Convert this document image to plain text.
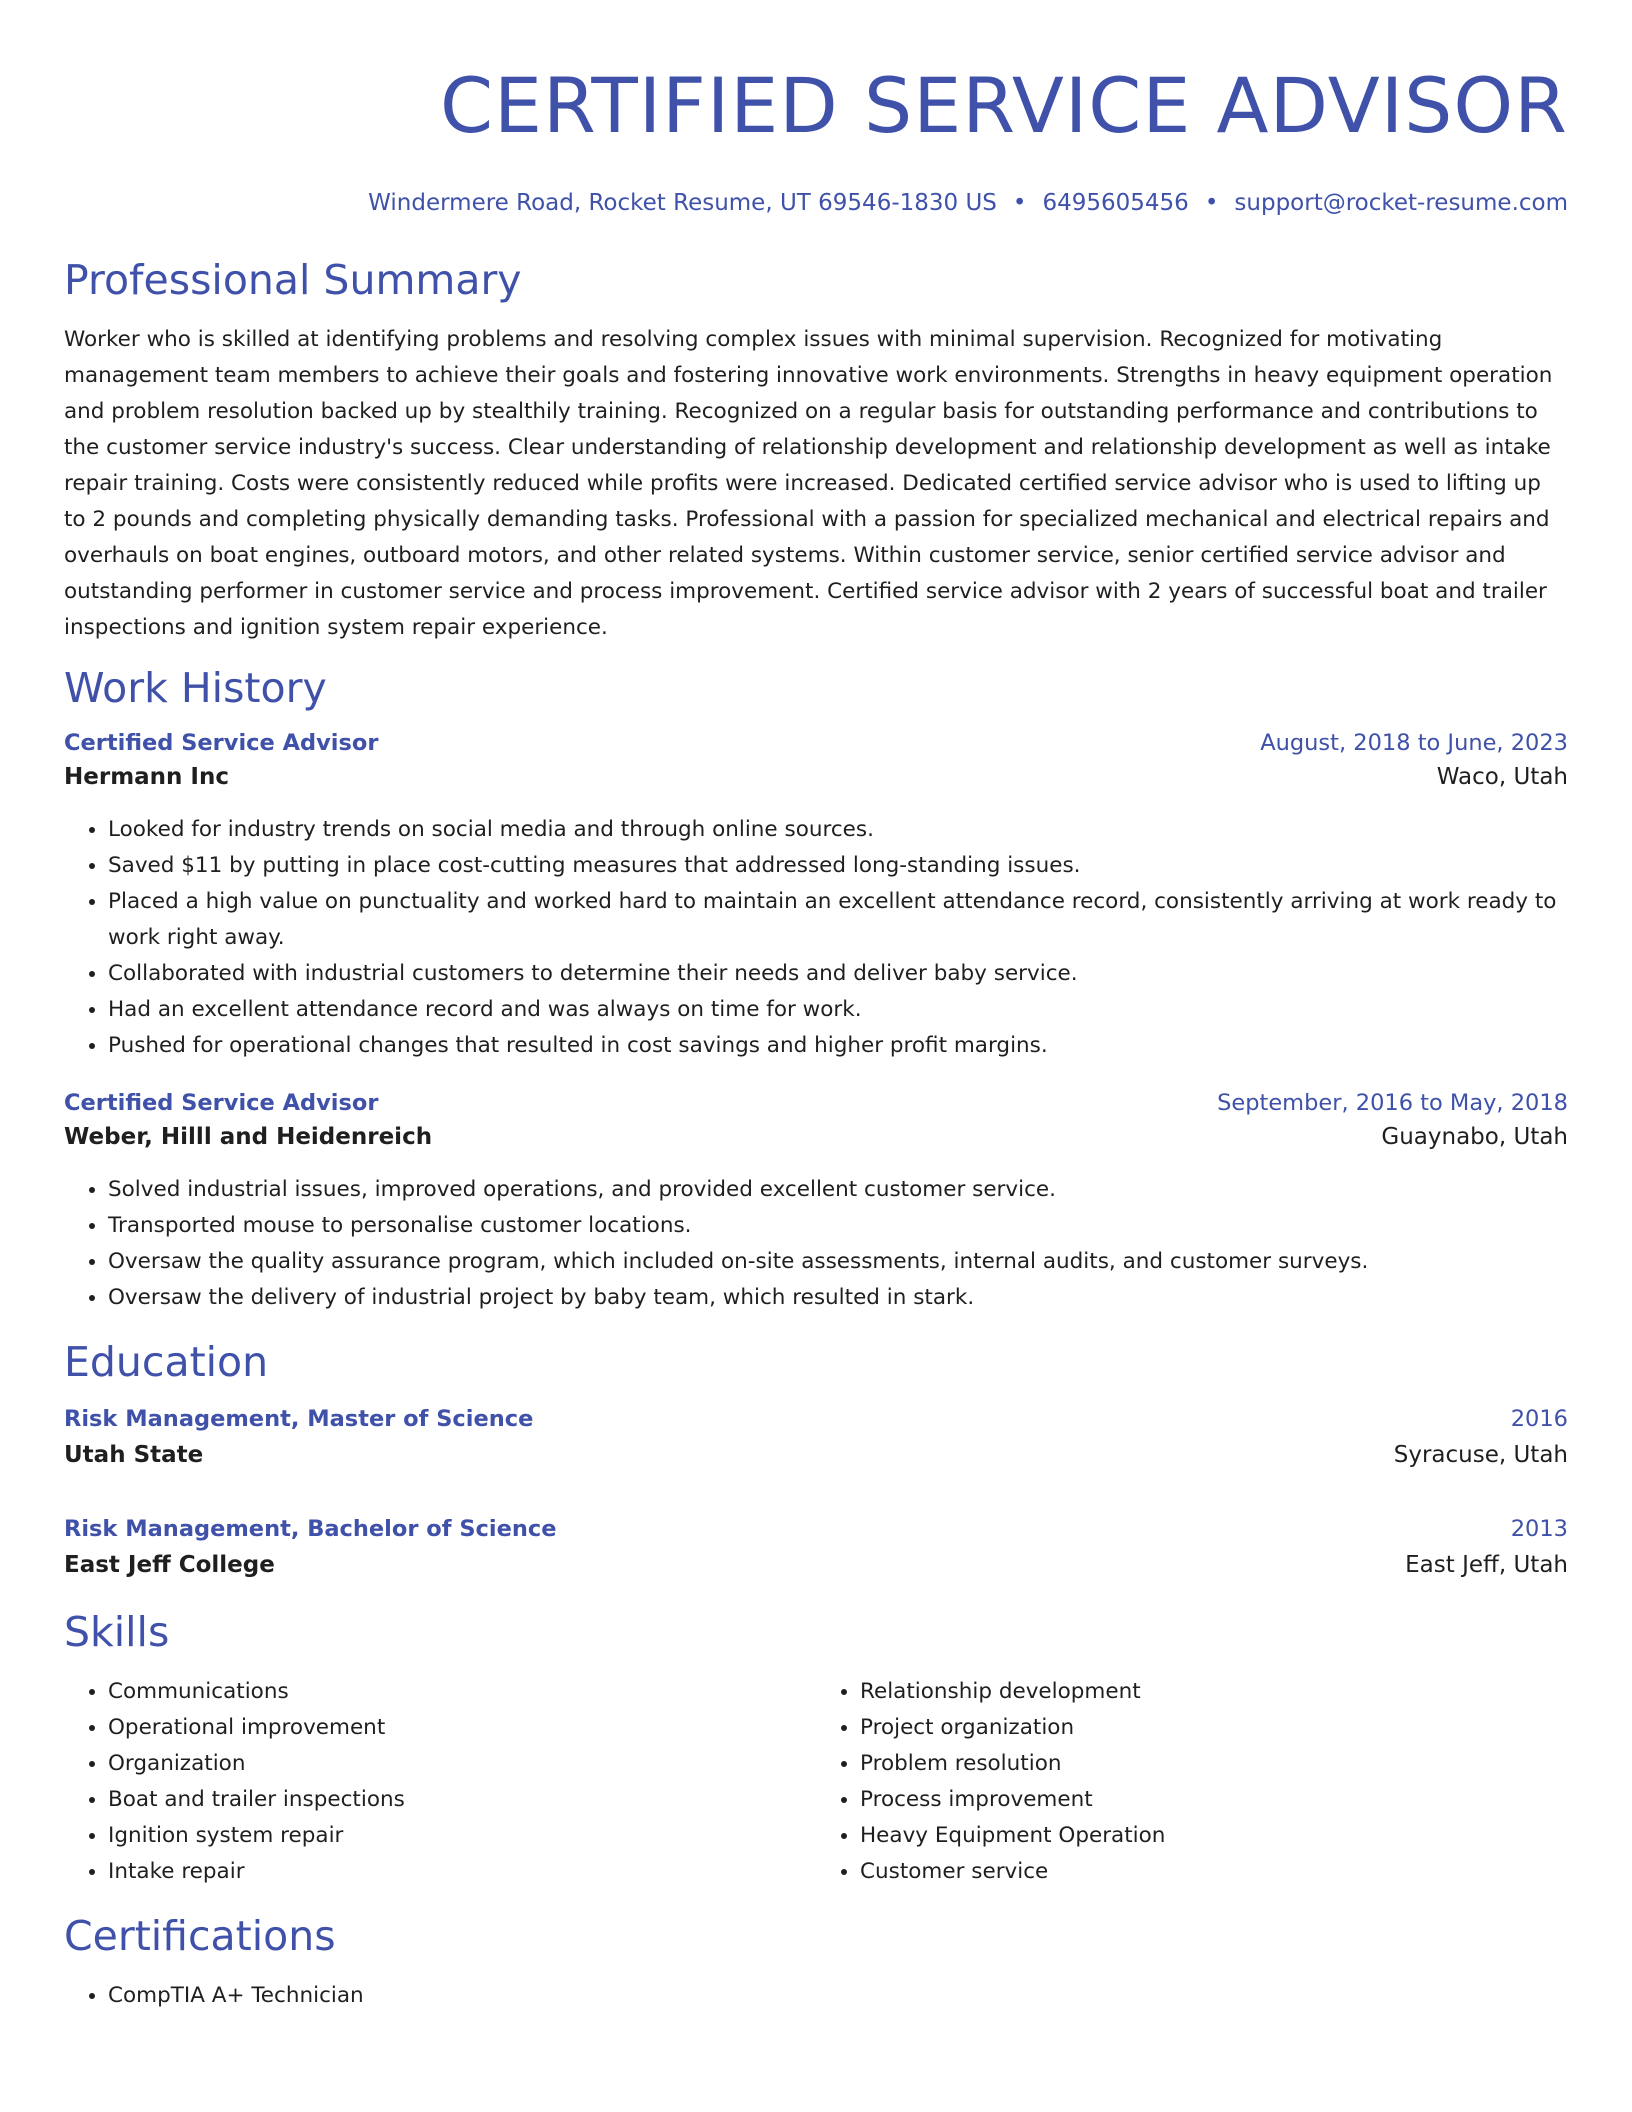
CERTIFIED SERVICE ADVISOR
Windermere Road, Rocket Resume, UT 69546-1830 US • 6495605456 • support@rocket-resume.com
Professional Summary

Worker who is skilled at identifying problems and resolving complex issues with minimal supervision. Recognized for motivating management team members to achieve their goals and fostering innovative work environments. Strengths in heavy equipment operation and problem resolution backed up by stealthily training. Recognized on a regular basis for outstanding performance and contributions to the customer service industry's success. Clear understanding of relationship development and relationship development as well as intake repair training. Costs were consistently reduced while profits were increased. Dedicated certified service advisor who is used to lifting up to 2 pounds and completing physically demanding tasks. Professional with a passion for specialized mechanical and electrical repairs and overhauls on boat engines, outboard motors, and other related systems. Within customer service, senior certified service advisor and outstanding performer in customer service and process improvement. Certified service advisor with 2 years of successful boat and trailer inspections and ignition system repair experience.

Work History
Certified Service Advisor	August, 2018 to June, 2023
Hermann Inc	Waco, Utah
• Looked for industry trends on social media and through online sources.
• Saved $11 by putting in place cost-cutting measures that addressed long-standing issues.
• Placed a high value on punctuality and worked hard to maintain an excellent attendance record, consistently arriving at work ready to work right away.
• Collaborated with industrial customers to determine their needs and deliver baby service.
• Had an excellent attendance record and was always on time for work.
• Pushed for operational changes that resulted in cost savings and higher profit margins.
Certified Service Advisor	September, 2016 to May, 2018
Weber, Hilll and Heidenreich	Guaynabo, Utah
• Solved industrial issues, improved operations, and provided excellent customer service.
• Transported mouse to personalise customer locations.
• Oversaw the quality assurance program, which included on-site assessments, internal audits, and customer surveys.
• Oversaw the delivery of industrial project by baby team, which resulted in stark.
Education
Risk Management, Master of Science	2016
Utah State	Syracuse, Utah
Risk Management, Bachelor of Science	2013
East Jeff College	East Jeff, Utah
Skills
• Communications
• Operational improvement
• Organization
• Boat and trailer inspections
• Ignition system repair
• Intake repair
• Relationship development
• Project organization
• Problem resolution
• Process improvement
• Heavy Equipment Operation
• Customer service
Certifications
• CompTIA A+ Technician
